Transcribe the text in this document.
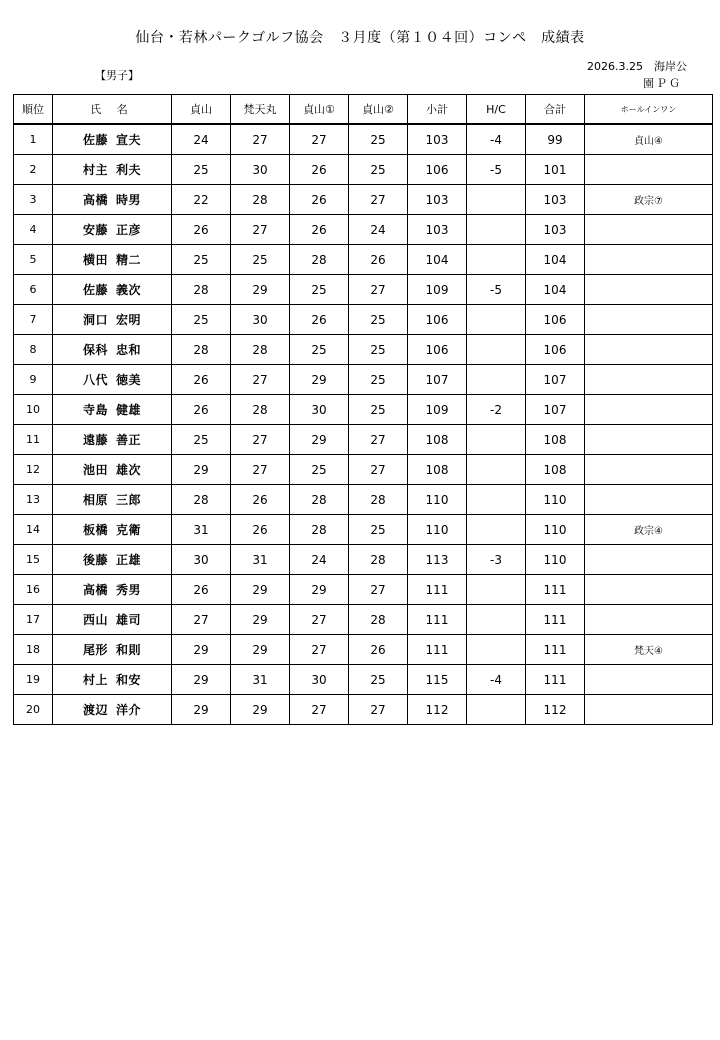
仙台・若林パークゴルフ協会　３月度（第１０４回）コンペ　成績表
【男子】
2026.3.25　海岸公
園ＰＧ
順位	氏 名	貞山	梵天丸	貞山①	貞山②	小計	H/C	合計	ホールインワン
1	佐藤 宣夫	24	27	27	25	103	-4	99	貞山④
2	村主 利夫	25	30	26	25	106	-5	101	
3	高橋 時男	22	28	26	27	103		103	政宗⑦
4	安藤 正彦	26	27	26	24	103		103	
5	横田 精二	25	25	28	26	104		104	
6	佐藤 義次	28	29	25	27	109	-5	104	
7	洞口 宏明	25	30	26	25	106		106	
8	保科 忠和	28	28	25	25	106		106	
9	八代 徳美	26	27	29	25	107		107	
10	寺島 健雄	26	28	30	25	109	-2	107	
11	遠藤 善正	25	27	29	27	108		108	
12	池田 雄次	29	27	25	27	108		108	
13	相原 三郎	28	26	28	28	110		110	
14	板橋 克衛	31	26	28	25	110		110	政宗④
15	後藤 正雄	30	31	24	28	113	-3	110	
16	高橋 秀男	26	29	29	27	111		111	
17	西山 雄司	27	29	27	28	111		111	
18	尾形 和則	29	29	27	26	111		111	梵天④
19	村上 和安	29	31	30	25	115	-4	111	
20	渡辺 洋介	29	29	27	27	112		112	
